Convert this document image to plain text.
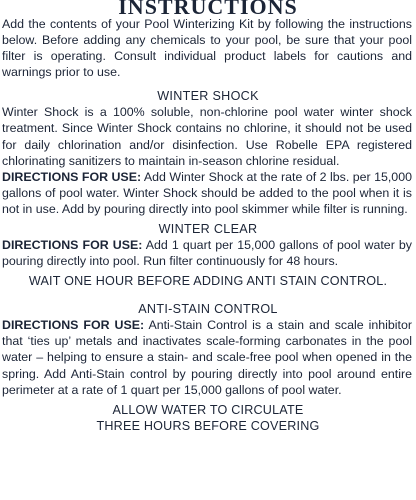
INSTRUCTIONS

Add the contents of your Pool Winterizing Kit by following the instructions below. Before adding any chemicals to your pool, be sure that your pool filter is operating. Consult individual product labels for cautions and warnings prior to use.

WINTER SHOCK

Winter Shock is a 100% soluble, non-chlorine pool water winter shock treatment. Since Winter Shock contains no chlorine, it should not be used for daily chlorination and/or disinfection. Use Robelle EPA registered chlorinating sanitizers to maintain in-season chlorine residual.

DIRECTIONS FOR USE: Add Winter Shock at the rate of 2 lbs. per 15,000 gallons of pool water. Winter Shock should be added to the pool when it is not in use. Add by pouring directly into pool skimmer while filter is running.

WINTER CLEAR

DIRECTIONS FOR USE: Add 1 quart per 15,000 gallons of pool water by pouring directly into pool. Run filter continuously for 48 hours.

WAIT ONE HOUR BEFORE ADDING ANTI STAIN CONTROL.

ANTI-STAIN CONTROL

DIRECTIONS FOR USE: Anti-Stain Control is a stain and scale inhibitor that ‘ties up’ metals and inactivates scale-forming carbonates in the pool water – helping to ensure a stain- and scale-free pool when opened in the spring. Add Anti-Stain control by pouring directly into pool around entire perimeter at a rate of 1 quart per 15,000 gallons of pool water.

ALLOW WATER TO CIRCULATE

THREE HOURS BEFORE COVERING
